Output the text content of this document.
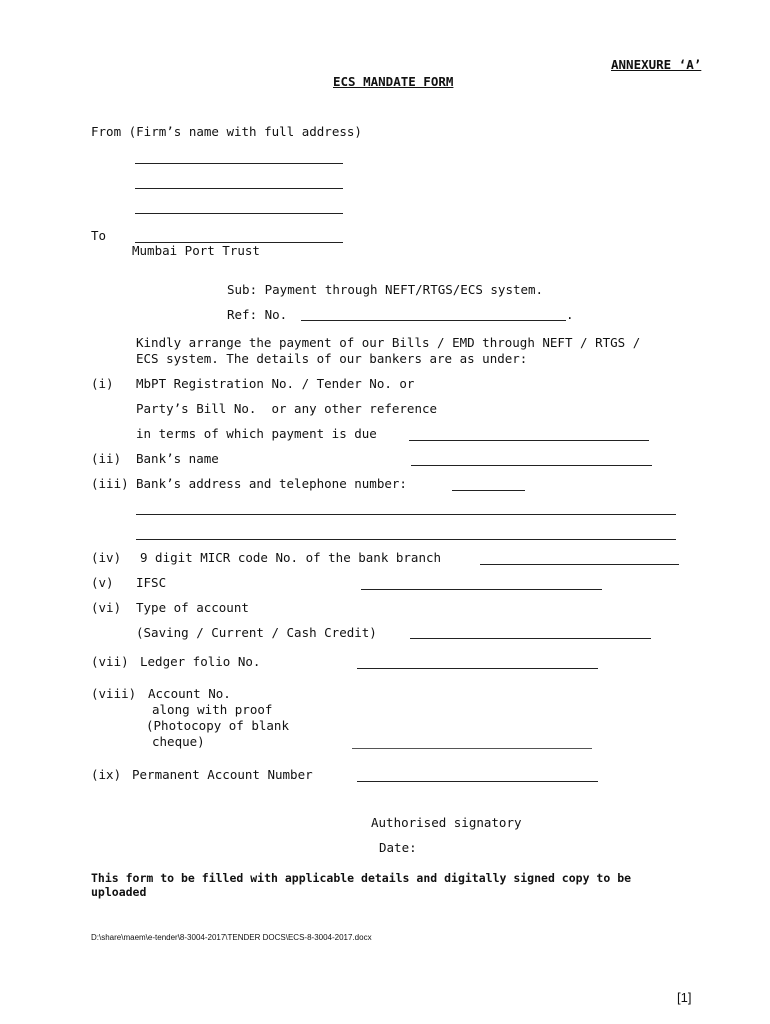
ANNEXURE ‘A’
ECS MANDATE FORM
From (Firm’s name with full address)
To
Mumbai Port Trust
Sub: Payment through NEFT/RTGS/ECS system.
Ref: No.	.
Kindly arrange the payment of our Bills / EMD through NEFT / RTGS /
ECS system. The details of our bankers are as under:
(i) MbPT Registration No. / Tender No. or
Party’s Bill No.  or any other reference
in terms of which payment is due
(ii) Bank’s name
(iii) Bank’s address and telephone number:
(iv) 9 digit MICR code No. of the bank branch
(v) IFSC
(vi) Type of account
(Saving / Current / Cash Credit)
(vii) Ledger folio No.
(viii) Account No.
along with proof
(Photocopy of blank
cheque)
(ix) Permanent Account Number
Authorised signatory
Date:
This form to be filled with applicable details and digitally signed copy to be
uploaded
D:\share\maem\e-tender\8-3004-2017\TENDER DOCS\ECS-8-3004-2017.docx
[1]
